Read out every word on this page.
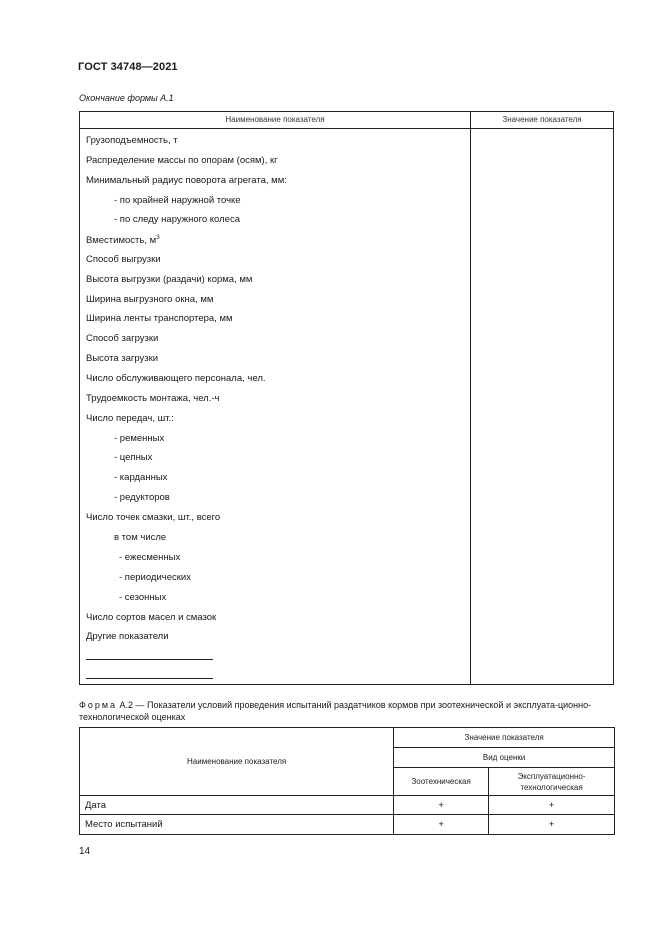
ГОСТ 34748—2021
Окончание формы А.1
Наименование показателя	Значение показателя
Грузоподъемность, т
Распределение массы по опорам (осям), кг
Минимальный радиус поворота агрегата, мм:
- по крайней наружной точке
- по следу наружного колеса
Вместимость, $м^3$
Способ выгрузки
Высота выгрузки (раздачи) корма, мм
Ширина выгрузного окна, мм
Ширина ленты транспортера, мм
Способ загрузки
Высота загрузки
Число обслуживающего персонала, чел.
Трудоемкость монтажа, чел.-ч
Число передач, шт.:
- ременных
- цепных
- карданных
- редукторов
Число точек смазки, шт., всего
в том числе
- ежесменных
- периодических
- сезонных
Число сортов масел и смазок
Другие показатели
Форма А.2 — Показатели условий проведения испытаний раздатчиков кормов при зоотехнической и эксплуата-ционно-технологической оценках
Наименование показателя	Значение показателя	
	Вид оценки	
	Зоотехническая	Эксплуатационно-технологическая
Дата	+	+
Место испытаний	+	+
14
